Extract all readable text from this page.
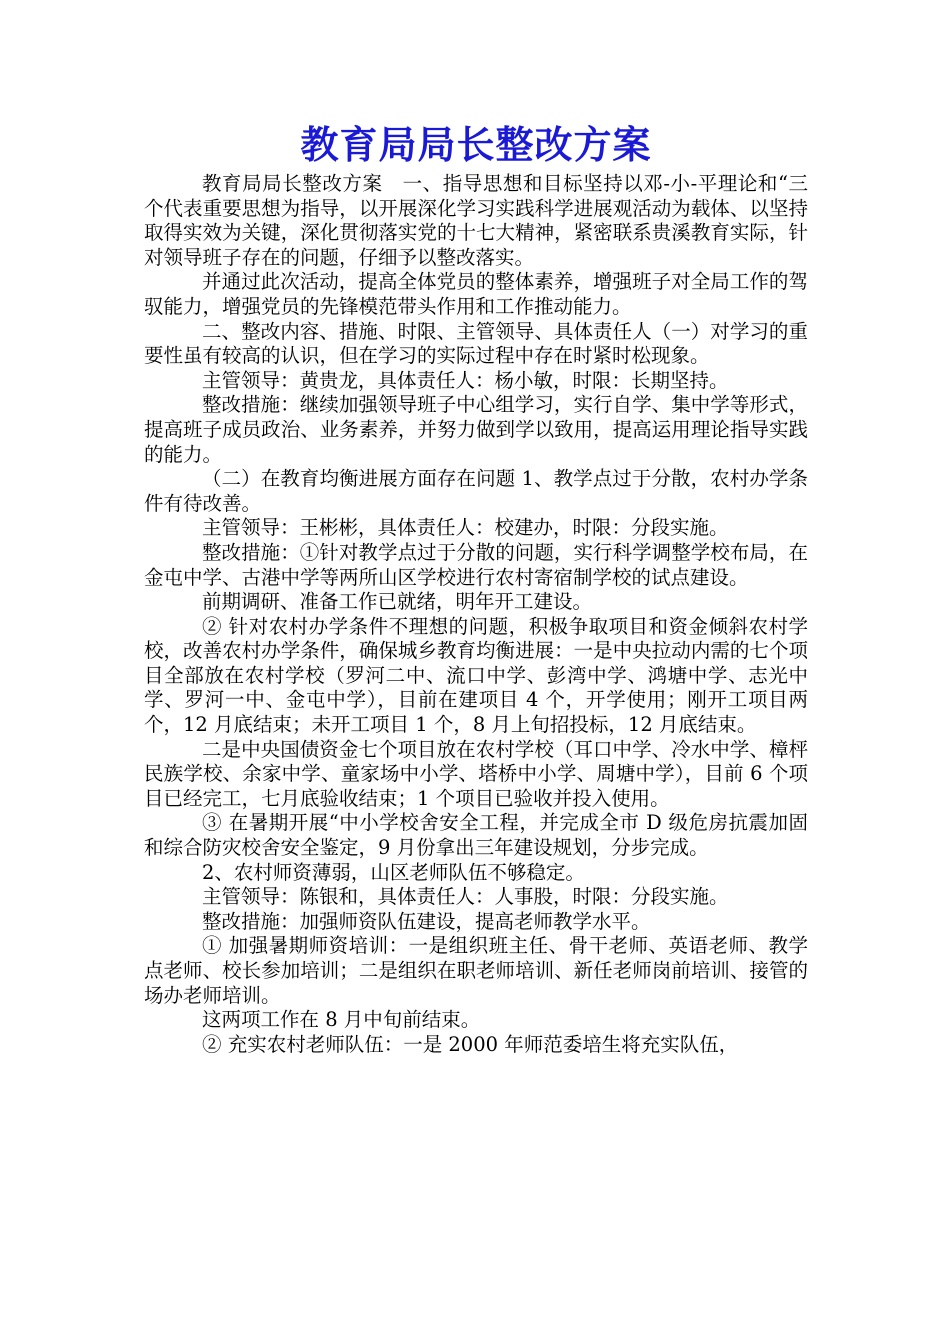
教育局局长整改方案

教育局局长整改方案　一、指导思想和目标坚持以邓-小-平理论和“三个代表重要思想为指导，以开展深化学习实践科学进展观活动为载体、以坚持取得实效为关键，深化贯彻落实党的十七大精神，紧密联系贵溪教育实际，针对领导班子存在的问题，仔细予以整改落实。

并通过此次活动，提高全体党员的整体素养，增强班子对全局工作的驾驭能力，增强党员的先锋模范带头作用和工作推动能力。

二、整改内容、措施、时限、主管领导、具体责任人（一）对学习的重要性虽有较高的认识，但在学习的实际过程中存在时紧时松现象。

主管领导：黄贵龙，具体责任人：杨小敏，时限：长期坚持。

整改措施：继续加强领导班子中心组学习，实行自学、集中学等形式，提高班子成员政治、业务素养，并努力做到学以致用，提高运用理论指导实践的能力。

（二）在教育均衡进展方面存在问题 1、教学点过于分散，农村办学条件有待改善。

主管领导：王彬彬，具体责任人：校建办，时限：分段实施。

整改措施：①针对教学点过于分散的问题，实行科学调整学校布局，在金屯中学、古港中学等两所山区学校进行农村寄宿制学校的试点建设。

前期调研、准备工作已就绪，明年开工建设。

② 针对农村办学条件不理想的问题，积极争取项目和资金倾斜农村学校，改善农村办学条件，确保城乡教育均衡进展：一是中央拉动内需的七个项目全部放在农村学校（罗河二中、流口中学、彭湾中学、鸿塘中学、志光中学、罗河一中、金屯中学），目前在建项目 4 个，开学使用；刚开工项目两个，12 月底结束；未开工项目 1 个，8 月上旬招投标，12 月底结束。

二是中央国债资金七个项目放在农村学校（耳口中学、冷水中学、樟枰民族学校、余家中学、童家场中小学、塔桥中小学、周塘中学），目前 6 个项目已经完工，七月底验收结束；1 个项目已验收并投入使用。

③ 在暑期开展“中小学校舍安全工程，并完成全市 D 级危房抗震加固和综合防灾校舍安全鉴定，9 月份拿出三年建设规划，分步完成。

2、农村师资薄弱，山区老师队伍不够稳定。

主管领导：陈银和，具体责任人：人事股，时限：分段实施。

整改措施：加强师资队伍建设，提高老师教学水平。

① 加强暑期师资培训：一是组织班主任、骨干老师、英语老师、教学点老师、校长参加培训；二是组织在职老师培训、新任老师岗前培训、接管的场办老师培训。

这两项工作在 8 月中旬前结束。

② 充实农村老师队伍：一是 2000 年师范委培生将充实队伍，
